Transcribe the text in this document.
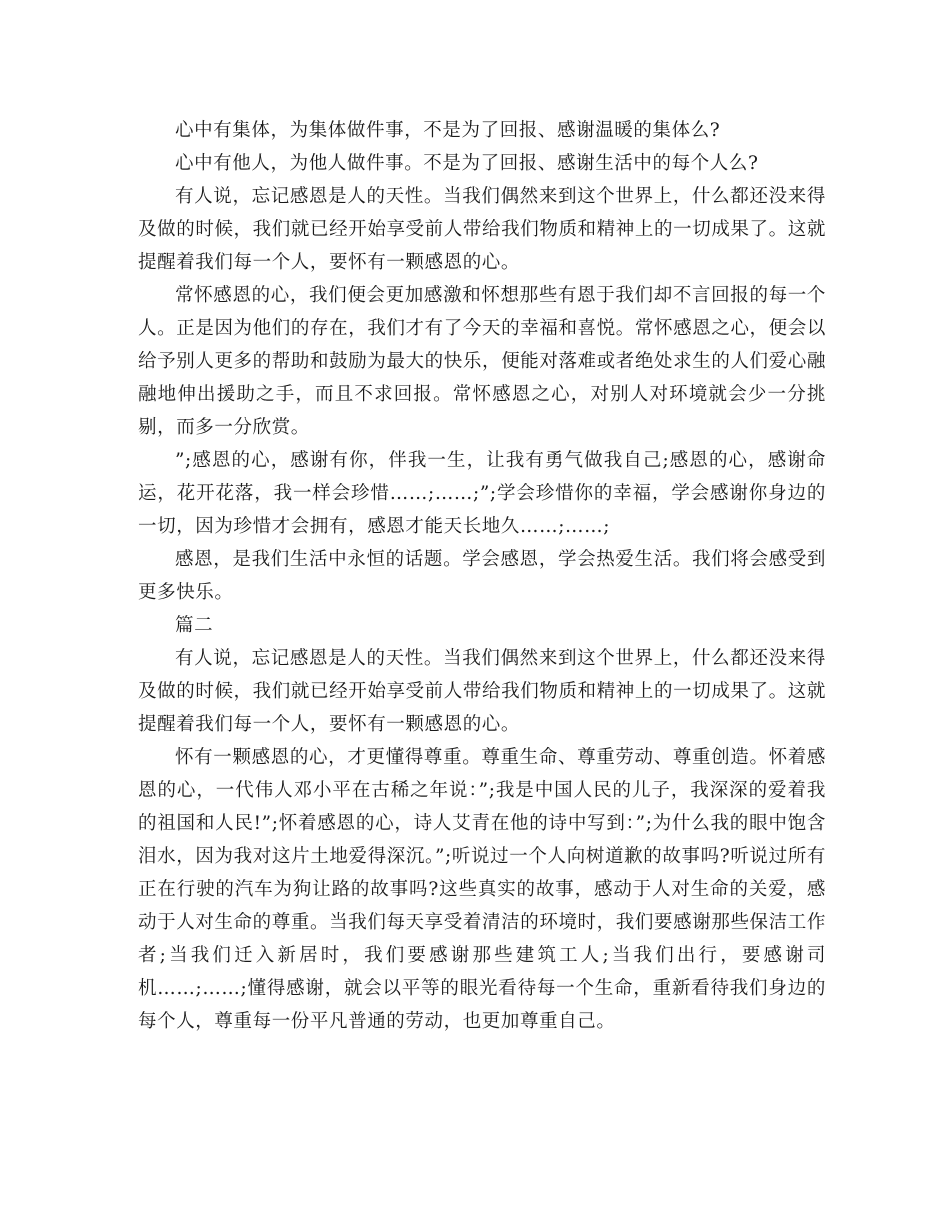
心中有集体，为集体做件事，不是为了回报、感谢温暖的集体么?

心中有他人，为他人做件事。不是为了回报、感谢生活中的每个人么?

有人说，忘记感恩是人的天性。当我们偶然来到这个世界上，什么都还没来得及做的时候，我们就已经开始享受前人带给我们物质和精神上的一切成果了。这就提醒着我们每一个人，要怀有一颗感恩的心。

常怀感恩的心，我们便会更加感激和怀想那些有恩于我们却不言回报的每一个人。正是因为他们的存在，我们才有了今天的幸福和喜悦。常怀感恩之心，便会以给予别人更多的帮助和鼓励为最大的快乐，便能对落难或者绝处求生的人们爱心融融地伸出援助之手，而且不求回报。常怀感恩之心，对别人对环境就会少一分挑剔，而多一分欣赏。

”;感恩的心，感谢有你，伴我一生，让我有勇气做我自己;感恩的心，感谢命运，花开花落，我一样会珍惜……;……;”;学会珍惜你的幸福，学会感谢你身边的一切，因为珍惜才会拥有，感恩才能天长地久……;……;

感恩，是我们生活中永恒的话题。学会感恩，学会热爱生活。我们将会感受到更多快乐。

篇二

有人说，忘记感恩是人的天性。当我们偶然来到这个世界上，什么都还没来得及做的时候，我们就已经开始享受前人带给我们物质和精神上的一切成果了。这就提醒着我们每一个人，要怀有一颗感恩的心。

怀有一颗感恩的心，才更懂得尊重。尊重生命、尊重劳动、尊重创造。怀着感恩的心，一代伟人邓小平在古稀之年说：”;我是中国人民的儿子，我深深的爱着我的祖国和人民!”;怀着感恩的心，诗人艾青在他的诗中写到：”;为什么我的眼中饱含泪水，因为我对这片土地爱得深沉。”;听说过一个人向树道歉的故事吗?听说过所有正在行驶的汽车为狗让路的故事吗?这些真实的故事，感动于人对生命的关爱，感动于人对生命的尊重。当我们每天享受着清洁的环境时，我们要感谢那些保洁工作者;当我们迁入新居时，我们要感谢那些建筑工人;当我们出行，要感谢司机……;……;懂得感谢，就会以平等的眼光看待每一个生命，重新看待我们身边的每个人，尊重每一份平凡普通的劳动，也更加尊重自己。
